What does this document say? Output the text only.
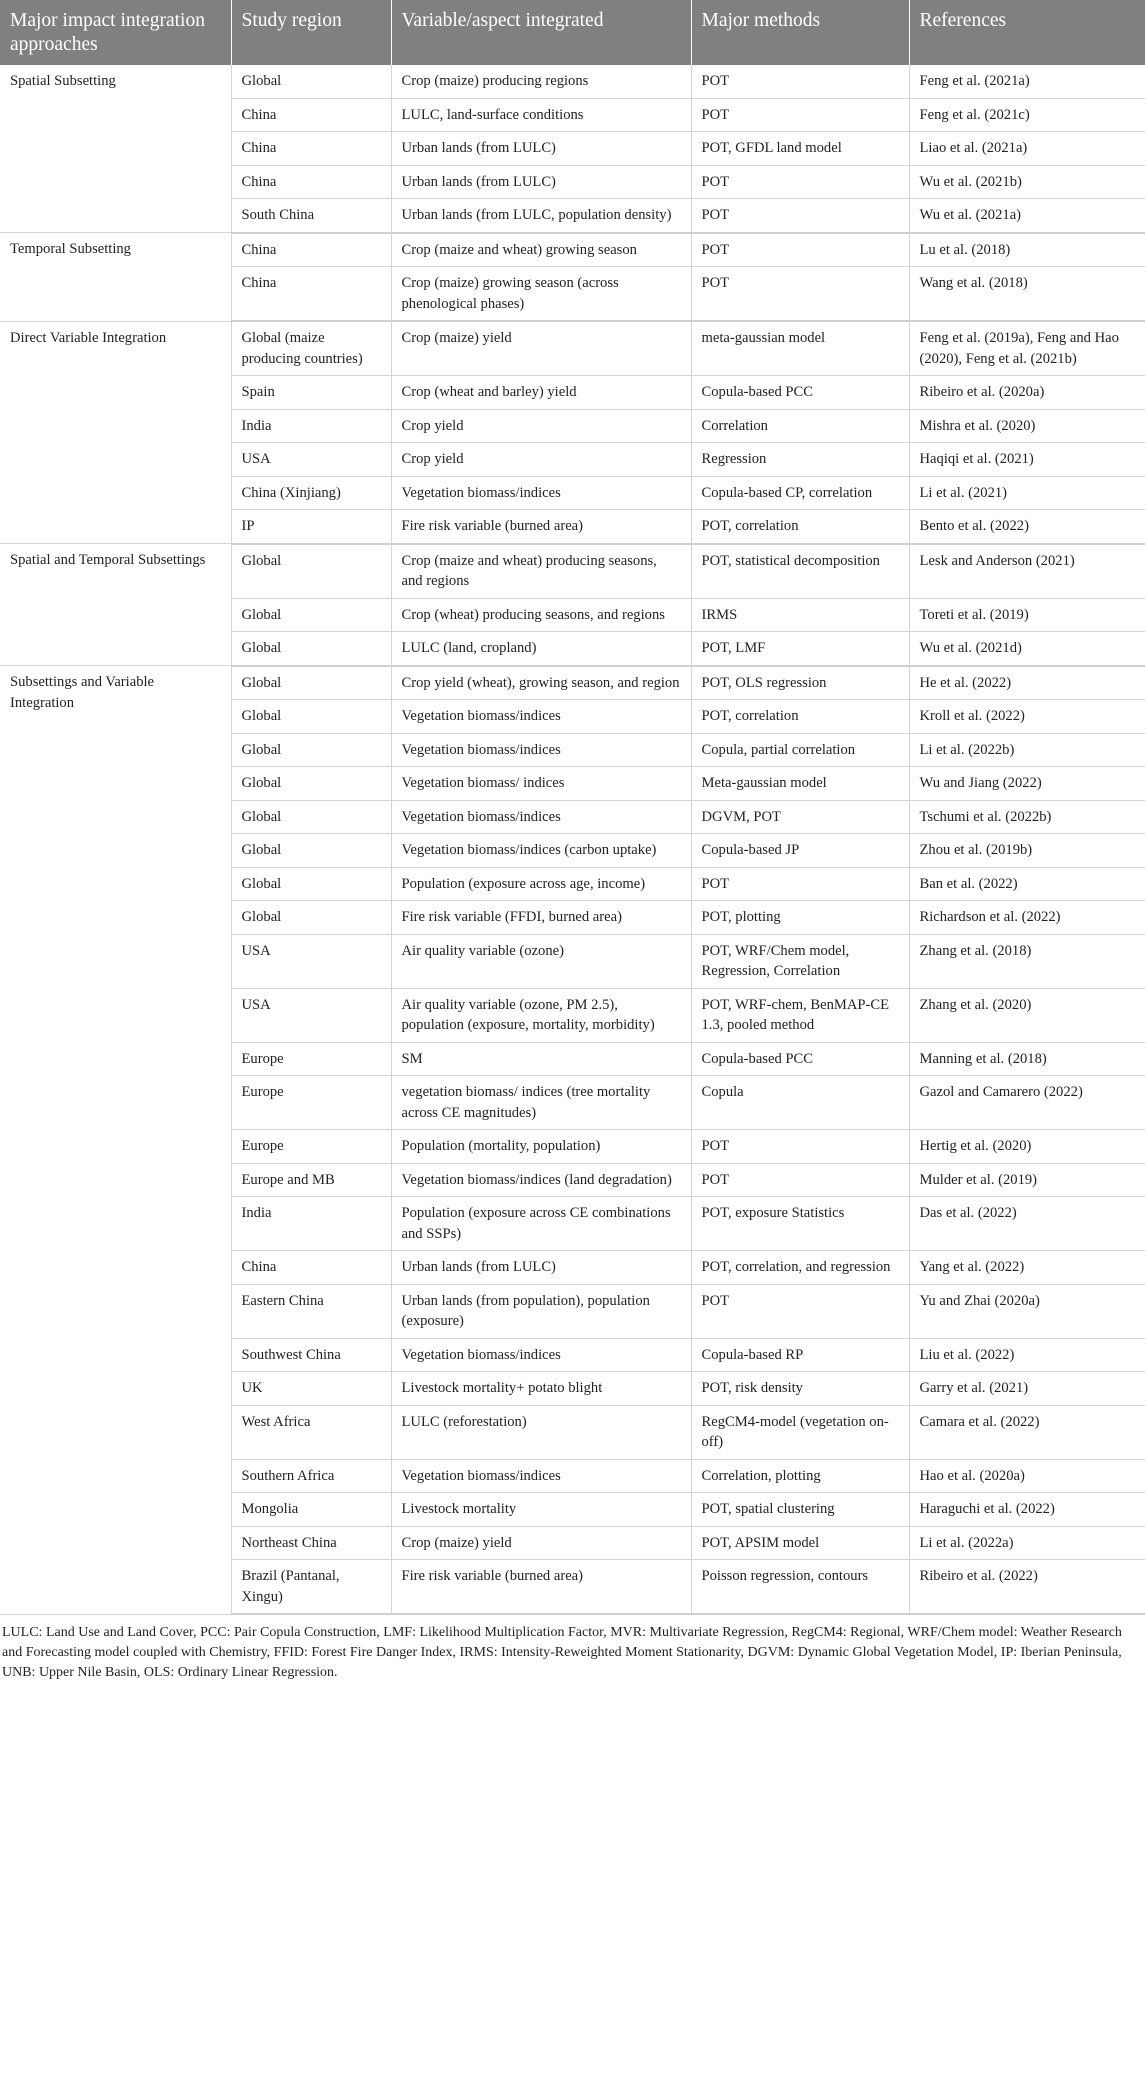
Major impact integration approaches	Study region	Variable/aspect integrated	Major methods	References
Spatial Subsetting	Global	Crop (maize) producing regions	POT	Feng et al. (2021a)
	China	LULC, land-surface conditions	POT	Feng et al. (2021c)
	China	Urban lands (from LULC)	POT, GFDL land model	Liao et al. (2021a)
	China	Urban lands (from LULC)	POT	Wu et al. (2021b)
	South China	Urban lands (from LULC, population density)	POT	Wu et al. (2021a)
Temporal Subsetting	China	Crop (maize and wheat) growing season	POT	Lu et al. (2018)
	China	Crop (maize) growing season (across phenological phases)	POT	Wang et al. (2018)
Direct Variable Integration	Global (maize producing countries)	Crop (maize) yield	meta-gaussian model	Feng et al. (2019a), Feng and Hao (2020), Feng et al. (2021b)
	Spain	Crop (wheat and barley) yield	Copula-based PCC	Ribeiro et al. (2020a)
	India	Crop yield	Correlation	Mishra et al. (2020)
	USA	Crop yield	Regression	Haqiqi et al. (2021)
	China (Xinjiang)	Vegetation biomass/indices	Copula-based CP, correlation	Li et al. (2021)
	IP	Fire risk variable (burned area)	POT, correlation	Bento et al. (2022)
Spatial and Temporal Subsettings	Global	Crop (maize and wheat) producing seasons, and regions	POT, statistical decomposition	Lesk and Anderson (2021)
	Global	Crop (wheat) producing seasons, and regions	IRMS	Toreti et al. (2019)
	Global	LULC (land, cropland)	POT, LMF	Wu et al. (2021d)
Subsettings and Variable Integration	Global	Crop yield (wheat), growing season, and region	POT, OLS regression	He et al. (2022)
	Global	Vegetation biomass/indices	POT, correlation	Kroll et al. (2022)
	Global	Vegetation biomass/indices	Copula, partial correlation	Li et al. (2022b)
	Global	Vegetation biomass/ indices	Meta-gaussian model	Wu and Jiang (2022)
	Global	Vegetation biomass/indices	DGVM, POT	Tschumi et al. (2022b)
	Global	Vegetation biomass/indices (carbon uptake)	Copula-based JP	Zhou et al. (2019b)
	Global	Population (exposure across age, income)	POT	Ban et al. (2022)
	Global	Fire risk variable (FFDI, burned area)	POT, plotting	Richardson et al. (2022)
	USA	Air quality variable (ozone)	POT, WRF/Chem model, Regression, Correlation	Zhang et al. (2018)
	USA	Air quality variable (ozone, PM 2.5), population (exposure, mortality, morbidity)	POT, WRF-chem, BenMAP-CE 1.3, pooled method	Zhang et al. (2020)
	Europe	SM	Copula-based PCC	Manning et al. (2018)
	Europe	vegetation biomass/ indices (tree mortality across CE magnitudes)	Copula	Gazol and Camarero (2022)
	Europe	Population (mortality, population)	POT	Hertig et al. (2020)
	Europe and MB	Vegetation biomass/indices (land degradation)	POT	Mulder et al. (2019)
	India	Population (exposure across CE combinations and SSPs)	POT, exposure Statistics	Das et al. (2022)
	China	Urban lands (from LULC)	POT, correlation, and regression	Yang et al. (2022)
	Eastern China	Urban lands (from population), population (exposure)	POT	Yu and Zhai (2020a)
	Southwest China	Vegetation biomass/indices	Copula-based RP	Liu et al. (2022)
	UK	Livestock mortality+ potato blight	POT, risk density	Garry et al. (2021)
	West Africa	LULC (reforestation)	RegCM4-model (vegetation on-off)	Camara et al. (2022)
	Southern Africa	Vegetation biomass/indices	Correlation, plotting	Hao et al. (2020a)
	Mongolia	Livestock mortality	POT, spatial clustering	Haraguchi et al. (2022)
	Northeast China	Crop (maize) yield	POT, APSIM model	Li et al. (2022a)
	Brazil (Pantanal, Xingu)	Fire risk variable (burned area)	Poisson regression, contours	Ribeiro et al. (2022)
LULC: Land Use and Land Cover, PCC: Pair Copula Construction, LMF: Likelihood Multiplication Factor, MVR: Multivariate Regression, RegCM4: Regional, WRF/Chem model: Weather Research and Forecasting model coupled with Chemistry, FFID: Forest Fire Danger Index, IRMS: Intensity-Reweighted Moment Stationarity, DGVM: Dynamic Global Vegetation Model, IP: Iberian Peninsula, UNB: Upper Nile Basin, OLS: Ordinary Linear Regression.
